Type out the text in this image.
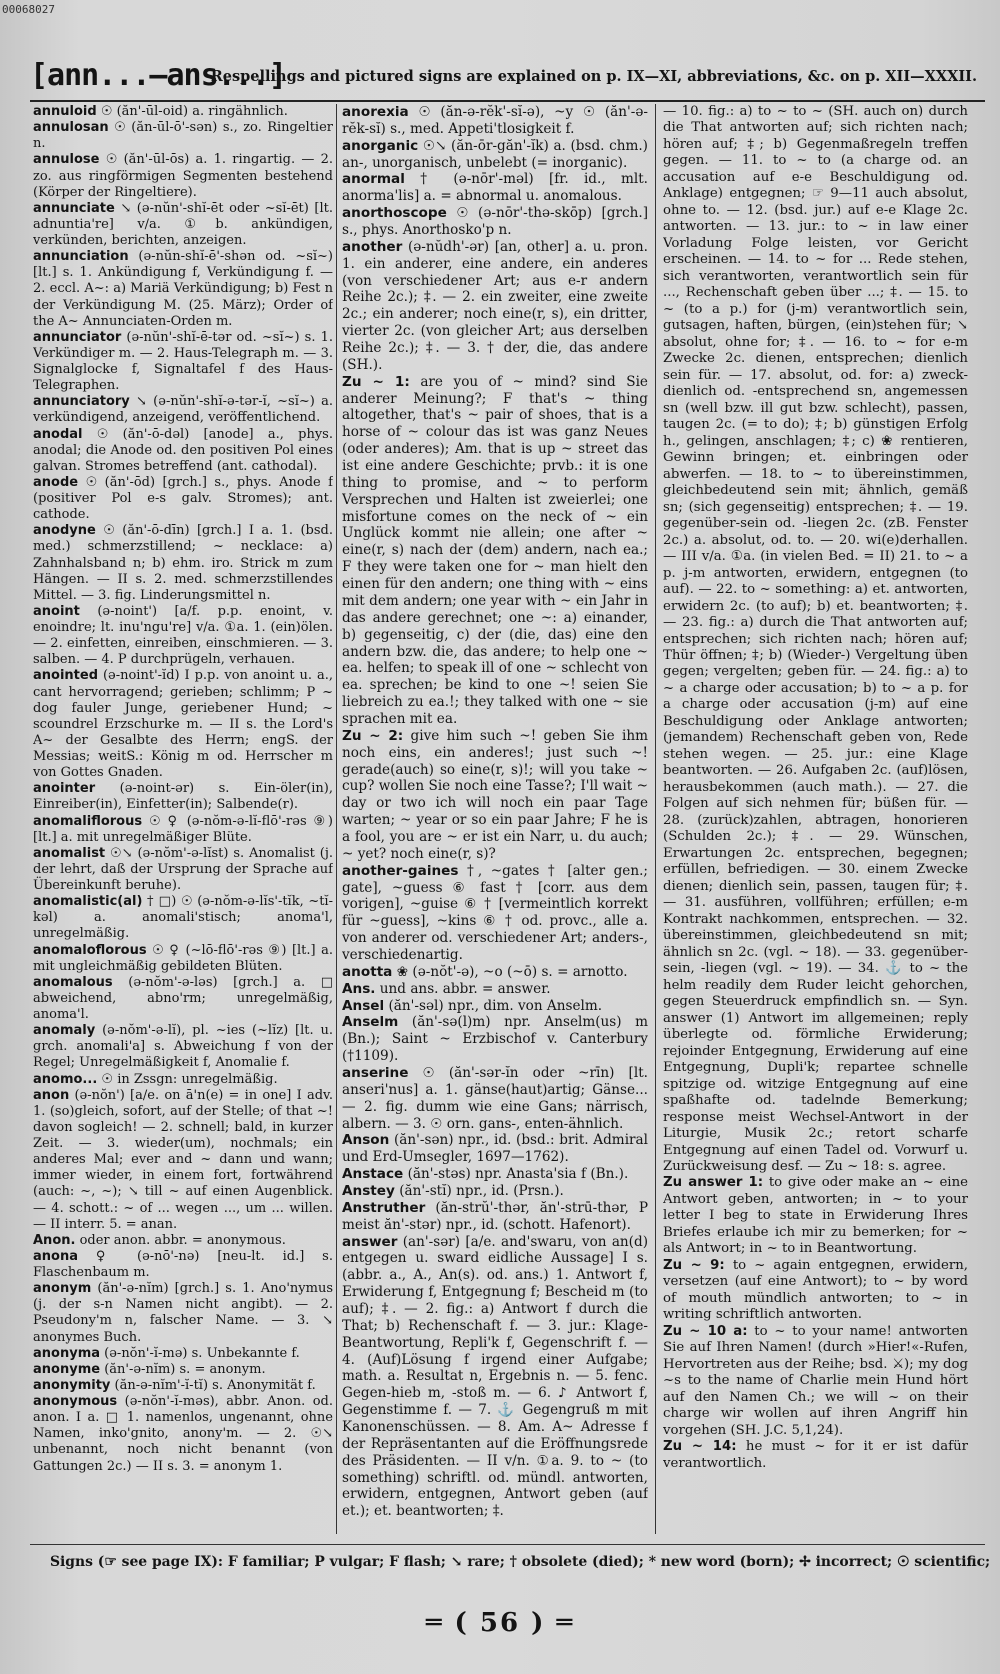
00068027
[ann...—ans...]
Respellings and pictured signs are explained on p. IX—XI, abbreviations, &c. on p. XII—XXXII.

annuloid ☉ (ăn'-ūl-oid) a. ringähnlich.

annulosan ☉ (ăn-ūl-ō'-sən) s., zo. Ringeltier n.

annulose ☉ (ăn'-ūl-ōs) a. 1. ringartig. — 2. zo. aus ringförmigen Segmenten bestehend (Körper der Ringeltiere).

annunciate ↘ (ə-nŭn'-shĭ-ēt oder ~sĭ-ēt) [lt. adnuntia're] v/a. ①b. ankündigen, verkünden, berichten, anzeigen.

annunciation (ə-nŭn-shĭ-ē'-shən od. ~sĭ~) [lt.] s. 1. Ankündigung f, Verkündigung f. — 2. eccl. A~: a) Mariä Verkündigung; b) Fest n der Verkündigung M. (25. März); Order of the A~ Annunciaten-Orden m.

annunciator (ə-nŭn'-shĭ-ē-tər od. ~sĭ~) s. 1. Verkündiger m. — 2. Haus-Telegraph m. — 3. Signalglocke f, Signaltafel f des Haus-Telegraphen.

annunciatory ↘ (ə-nŭn'-shĭ-ə-tər-ĭ, ~sĭ~) a. verkündigend, anzeigend, veröffentlichend.

anodal ☉ (ăn'-ō-dəl) [anode] a., phys. anodal; die Anode od. den positiven Pol eines galvan. Stromes betreffend (ant. cathodal).

anode ☉ (ăn'-ōd) [grch.] s., phys. Anode f (positiver Pol e-s galv. Stromes); ant. cathode.

anodyne ☉ (ăn'-ō-dīn) [grch.] I a. 1. (bsd. med.) schmerzstillend; ~ necklace: a) Zahnhalsband n; b) ehm. iro. Strick m zum Hängen. — II s. 2. med. schmerzstillendes Mittel. — 3. fig. Linderungsmittel n.

anoint (ə-noint') [a/f. p.p. enoint, v. enoindre; lt. inu'ngu're] v/a. ①a. 1. (ein)ölen. — 2. einfetten, einreiben, einschmieren. — 3. salben. — 4. P durchprügeln, verhauen.

anointed (ə-noint'-ĭd) I p.p. von anoint u. a., cant hervorragend; gerieben; schlimm; P ~ dog fauler Junge, geriebener Hund; ~ scoundrel Erzschurke m. — II s. the Lord's A~ der Gesalbte des Herrn; engS. der Messias; weitS.: König m od. Herrscher m von Gottes Gnaden.

anointer (ə-noint-ər) s. Ein-öler(in), Einreiber(in), Einfetter(in); Salbende(r).

anomaliflorous ☉ ♀ (ə-nŏm-ə-lĭ-flō'-rəs ⑨) [lt.] a. mit unregelmäßiger Blüte.

anomalist ☉↘ (ə-nŏm'-ə-lĭst) s. Anomalist (j. der lehrt, daß der Ursprung der Sprache auf Übereinkunft beruhe).

anomalistic(al) † □) ☉ (ə-nŏm-ə-lĭs'-tĭk, ~tĭ-kəl) a. anomali'stisch; anoma'l, unregelmäßig.

anomaloflorous ☉ ♀ (~lō-flō'-rəs ⑨) [lt.] a. mit ungleichmäßig gebildeten Blüten.

anomalous (ə-nŏm'-ə-ləs) [grch.] a. □ abweichend, abno'rm; unregelmäßig, anoma'l.

anomaly (ə-nŏm'-ə-lĭ), pl. ~ies (~lĭz) [lt. u. grch. anomali'a] s. Abweichung f von der Regel; Unregelmäßigkeit f, Anomalie f.

anomo... ☉ in Zssgn: unregelmäßig.

anon (ə-nŏn') [a/e. on ā'n(e) = in one] I adv. 1. (so)gleich, sofort, auf der Stelle; of that ~! davon sogleich! — 2. schnell; bald, in kurzer Zeit. — 3. wieder(um), nochmals; ein anderes Mal; ever and ~ dann und wann; immer wieder, in einem fort, fortwährend (auch: ~, ~); ↘ till ~ auf einen Augenblick. — 4. schott.: ~ of ... wegen ..., um ... willen. — II interr. 5. = anan.

Anon. oder anon. abbr. = anonymous.

anona ♀ (ə-nō'-nə) [neu-lt. id.] s. Flaschenbaum m.

anonym (ăn'-ə-nĭm) [grch.] s. 1. Ano'nymus (j. der s-n Namen nicht angibt). — 2. Pseudony'm n, falscher Name. — 3. ↘ anonymes Buch.

anonyma (ə-nŏn'-ĭ-mə) s. Unbekannte f.

anonyme (ăn'-ə-nĭm) s. = anonym.

anonymity (ăn-ə-nĭm'-ĭ-tĭ) s. Anonymität f.

anonymous (ə-nŏn'-ĭ-məs), abbr. Anon. od. anon. I a. □ 1. namenlos, ungenannt, ohne Namen, inko'gnito, anony'm. — 2. ☉↘ unbenannt, noch nicht benannt (von Gattungen 2c.) — II s. 3. = anonym 1.

anorexia ☉ (ăn-ə-rĕk'-sĭ-ə), ~y ☉ (ăn'-ə-rĕk-sĭ) s., med. Appeti'tlosigkeit f.

anorganic ☉↘ (ăn-ōr-găn'-ĭk) a. (bsd. chm.) an-, unorganisch, unbelebt (= inorganic).

anormal † (ə-nōr'-məl) [fr. id., mlt. anorma'lis] a. = abnormal u. anomalous.

anorthoscope ☉ (ə-nōr'-thə-skōp) [grch.] s., phys. Anorthosko'p n.

another (ə-nŭdh'-ər) [an, other] a. u. pron. 1. ein anderer, eine andere, ein anderes (von verschiedener Art; aus e-r andern Reihe 2c.); ‡. — 2. ein zweiter, eine zweite 2c.; ein anderer; noch eine(r, s), ein dritter, vierter 2c. (von gleicher Art; aus derselben Reihe 2c.); ‡. — 3. † der, die, das andere (SH.).

Zu ~ 1: are you of ~ mind? sind Sie anderer Meinung?; F that's ~ thing altogether, that's ~ pair of shoes, that is a horse of ~ colour das ist was ganz Neues (oder anderes); Am. that is up ~ street das ist eine andere Geschichte; prvb.: it is one thing to promise, and ~ to perform Versprechen und Halten ist zweierlei; one misfortune comes on the neck of ~ ein Unglück kommt nie allein; one after ~ eine(r, s) nach der (dem) andern, nach ea.; F they were taken one for ~ man hielt den einen für den andern; one thing with ~ eins mit dem andern; one year with ~ ein Jahr in das andere gerechnet; one ~: a) einander, b) gegenseitig, c) der (die, das) eine den andern bzw. die, das andere; to help one ~ ea. helfen; to speak ill of one ~ schlecht von ea. sprechen; be kind to one ~! seien Sie liebreich zu ea.!; they talked with one ~ sie sprachen mit ea.

Zu ~ 2: give him such ~! geben Sie ihm noch eins, ein anderes!; just such ~! gerade(auch) so eine(r, s)!; will you take ~ cup? wollen Sie noch eine Tasse?; I'll wait ~ day or two ich will noch ein paar Tage warten; ~ year or so ein paar Jahre; F he is a fool, you are ~ er ist ein Narr, u. du auch; ~ yet? noch eine(r, s)?

another-gaines †, ~gates † [alter gen.; gate], ~guess ⑥ fast † [corr. aus dem vorigen], ~guise ⑥ † [vermeintlich korrekt für ~guess], ~kins ⑥ † od. provc., alle a. von anderer od. verschiedener Art; anders-, verschiedenartig.

anotta ❀ (ə-nŏt'-ə), ~o (~ō) s. = arnotto.

Ans. und ans. abbr. = answer.

Ansel (ăn'-səl) npr., dim. von Anselm.

Anselm (ăn'-sə(l)m) npr. Anselm(us) m (Bn.); Saint ~ Erzbischof v. Canterbury (†1109).

anserine ☉ (ăn'-sər-ĭn oder ~rīn) [lt. anseri'nus] a. 1. gänse(haut)artig; Gänse... — 2. fig. dumm wie eine Gans; närrisch, albern. — 3. ☉ orn. gans-, enten-ähnlich.

Anson (ăn'-sən) npr., id. (bsd.: brit. Admiral und Erd-Umsegler, 1697—1762).

Anstace (ăn'-stəs) npr. Anasta'sia f (Bn.).

Anstey (ăn'-stĭ) npr., id. (Prsn.).

Anstruther (ăn-strŭ'-thər, ăn'-strū-thər, P meist ăn'-stər) npr., id. (schott. Hafenort).

answer (an'-sər) [a/e. and'swaru, von an(d) entgegen u. sward eidliche Aussage] I s. (abbr. a., A., An(s). od. ans.) 1. Antwort f, Erwiderung f, Entgegnung f; Bescheid m (to auf); ‡. — 2. fig.: a) Antwort f durch die That; b) Rechenschaft f. — 3. jur.: Klage-Beantwortung, Repli'k f, Gegenschrift f. — 4. (Auf)Lösung f irgend einer Aufgabe; math. a. Resultat n, Ergebnis n. — 5. fenc. Gegen-hieb m, -stoß m. — 6. ♪ Antwort f, Gegenstimme f. — 7. ⚓ Gegengruß m mit Kanonenschüssen. — 8. Am. A~ Adresse f der Repräsentanten auf die Eröffnungsrede des Präsidenten. — II v/n. ①a. 9. to ~ (to something) schriftl. od. mündl. antworten, erwidern, entgegnen, Antwort geben (auf et.); et. beantworten; ‡.

— 10. fig.: a) to ~ to ~ (SH. auch on) durch die That antworten auf; sich richten nach; hören auf; ‡; b) Gegenmaßregeln treffen gegen. — 11. to ~ to (a charge od. an accusation auf e-e Beschuldigung od. Anklage) entgegnen; ☞ 9—11 auch absolut, ohne to. — 12. (bsd. jur.) auf e-e Klage 2c. antworten. — 13. jur.: to ~ in law einer Vorladung Folge leisten, vor Gericht erscheinen. — 14. to ~ for ... Rede stehen, sich verantworten, verantwortlich sein für ..., Rechenschaft geben über ...; ‡. — 15. to ~ (to a p.) for (j-m) verantwortlich sein, gutsagen, haften, bürgen, (ein)stehen für; ↘ absolut, ohne for; ‡. — 16. to ~ for e-m Zwecke 2c. dienen, entsprechen; dienlich sein für. — 17. absolut, od. for: a) zweck-dienlich od. -entsprechend sn, angemessen sn (well bzw. ill gut bzw. schlecht), passen, taugen 2c. (= to do); ‡; b) günstigen Erfolg h., gelingen, anschlagen; ‡; c) ❀ rentieren, Gewinn bringen; et. einbringen oder abwerfen. — 18. to ~ to übereinstimmen, gleichbedeutend sein mit; ähnlich, gemäß sn; (sich gegenseitig) entsprechen; ‡. — 19. gegenüber-sein od. -liegen 2c. (zB. Fenster 2c.) a. absolut, od. to. — 20. wi(e)derhallen. — III v/a. ①a. (in vielen Bed. = II) 21. to ~ a p. j-m antworten, erwidern, entgegnen (to auf). — 22. to ~ something: a) et. antworten, erwidern 2c. (to auf); b) et. beantworten; ‡. — 23. fig.: a) durch die That antworten auf; entsprechen; sich richten nach; hören auf; Thür öffnen; ‡; b) (Wieder-) Vergeltung üben gegen; vergelten; geben für. — 24. fig.: a) to ~ a charge oder accusation; b) to ~ a p. for a charge oder accusation (j-m) auf eine Beschuldigung oder Anklage antworten; (jemandem) Rechenschaft geben von, Rede stehen wegen. — 25. jur.: eine Klage beantworten. — 26. Aufgaben 2c. (auf)lösen, herausbekommen (auch math.). — 27. die Folgen auf sich nehmen für; büßen für. — 28. (zurück)zahlen, abtragen, honorieren (Schulden 2c.); ‡. — 29. Wünschen, Erwartungen 2c. entsprechen, begegnen; erfüllen, befriedigen. — 30. einem Zwecke dienen; dienlich sein, passen, taugen für; ‡. — 31. ausführen, vollführen; erfüllen; e-m Kontrakt nachkommen, entsprechen. — 32. übereinstimmen, gleichbedeutend sn mit; ähnlich sn 2c. (vgl. ~ 18). — 33. gegenüber-sein, -liegen (vgl. ~ 19). — 34. ⚓ to ~ the helm readily dem Ruder leicht gehorchen, gegen Steuerdruck empfindlich sn. — Syn. answer (1) Antwort im allgemeinen; reply überlegte od. förmliche Erwiderung; rejoinder Entgegnung, Erwiderung auf eine Entgegnung, Dupli'k; repartee schnelle spitzige od. witzige Entgegnung auf eine spaßhafte od. tadelnde Bemerkung; response meist Wechsel-Antwort in der Liturgie, Musik 2c.; retort scharfe Entgegnung auf einen Tadel od. Vorwurf u. Zurückweisung desf. — Zu ~ 18: s. agree.

Zu answer 1: to give oder make an ~ eine Antwort geben, antworten; in ~ to your letter I beg to state in Erwiderung Ihres Briefes erlaube ich mir zu bemerken; for ~ als Antwort; in ~ to in Beantwortung.

Zu ~ 9: to ~ again entgegnen, erwidern, versetzen (auf eine Antwort); to ~ by word of mouth mündlich antworten; to ~ in writing schriftlich antworten.

Zu ~ 10 a: to ~ to your name! antworten Sie auf Ihren Namen! (durch »Hier!«-Rufen, Hervortreten aus der Reihe; bsd. ⚔); my dog ~s to the name of Charlie mein Hund hört auf den Namen Ch.; we will ~ on their charge wir wollen auf ihren Angriff hin vorgehen (SH. J.C. 5,1,24).

Zu ~ 14: he must ~ for it er ist dafür verantwortlich.

Signs (☞ see page IX): F familiar; P vulgar; F flash; ↘ rare; † obsolete (died); * new word (born); ✢ incorrect; ☉ scientific;
═ ( 56 ) ═
